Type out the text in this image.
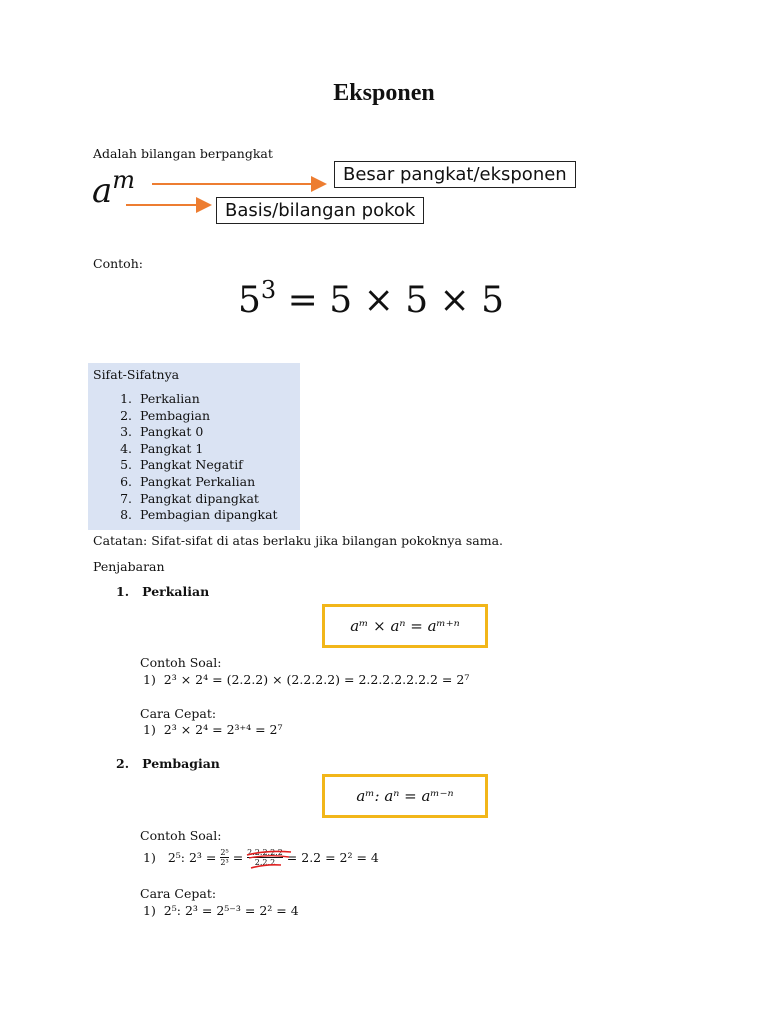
Eksponen
Adalah bilangan berpangkat
$a^m$	Besar pangkat/eksponen
Basis/bilangan pokok
Contoh:
$5^3 = 5 \times 5 \times 5$
Sifat-Sifatnya
1. Perkalian
2. Pembagian
3. Pangkat 0
4. Pangkat 1
5. Pangkat Negatif
6. Pangkat Perkalian
7. Pangkat dipangkat
8. Pembagian dipangkat
Catatan: Sifat-sifat di atas berlaku jika bilangan pokoknya sama.
Penjabaran
1. Perkalian
aᵐ × aⁿ = aᵐ⁺ⁿ
Contoh Soal:
1) 2³ × 2⁴ = (2.2.2) × (2.2.2.2) = 2.2.2.2.2.2.2 = 2⁷
Cara Cepat:
1) 2³ × 2⁴ = 2³⁺⁴ = 2⁷
2. Pembagian
aᵐ: aⁿ = aᵐ⁻ⁿ
Contoh Soal:
1)
2⁵: $2^3 = \frac{\text{2⁵}}{\text{2³}} = \frac{2.2.2.2.2}{2.2.2} = 2.2 = 2^2 = 4$
Cara Cepat:
1) 2⁵: 2³ = 2⁵⁻³ = 2² = 4
